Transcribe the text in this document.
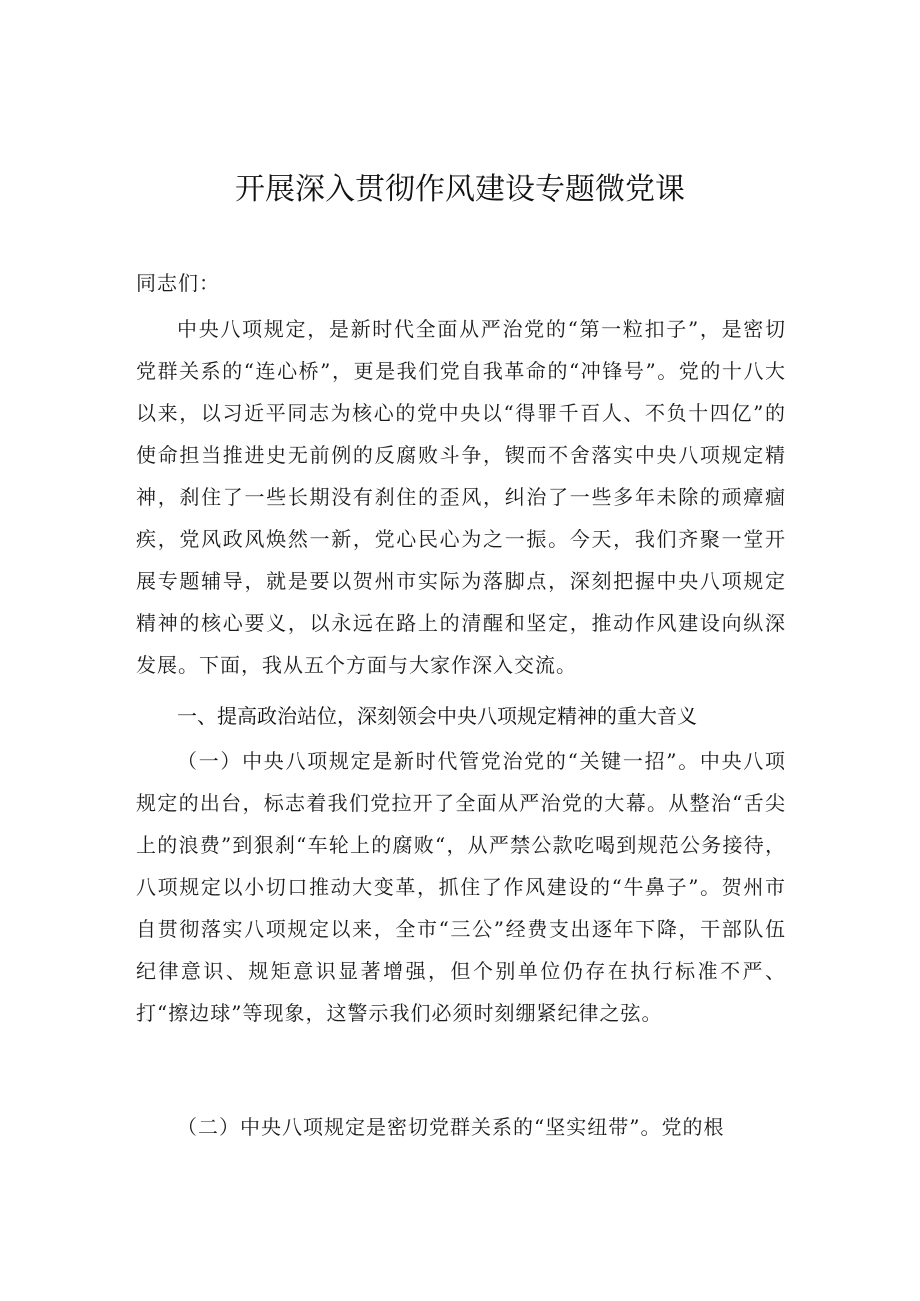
开展深入贯彻作风建设专题微党课
同志们：
中央八项规定，是新时代全面从严治党的“第一粒扣子”，是密切党群关系的“连心桥”，更是我们党自我革命的“冲锋号”。党的十八大以来，以习近平同志为核心的党中央以“得罪千百人、不负十四亿”的使命担当推进史无前例的反腐败斗争，锲而不舍落实中央八项规定精神，刹住了一些长期没有刹住的歪风，纠治了一些多年未除的顽瘴痼疾，党风政风焕然一新，党心民心为之一振。今天，我们齐聚一堂开展专题辅导，就是要以贺州市实际为落脚点，深刻把握中央八项规定精神的核心要义，以永远在路上的清醒和坚定，推动作风建设向纵深发展。下面，我从五个方面与大家作深入交流。
一、提高政治站位，深刻领会中央八项规定精神的重大音义
（一）中央八项规定是新时代管党治党的“关键一招”。中央八项规定的出台，标志着我们党拉开了全面从严治党的大幕。从整治“舌尖上的浪费”到狠刹“车轮上的腐败“，从严禁公款吃喝到规范公务接待，八项规定以小切口推动大变革，抓住了作风建设的“牛鼻子”。贺州市自贯彻落实八项规定以来，全市“三公”经费支出逐年下降，干部队伍纪律意识、规矩意识显著增强，但个别单位仍存在执行标准不严、打“擦边球”等现象，这警示我们必须时刻绷紧纪律之弦。
（二）中央八项规定是密切党群关系的“坚实纽带”。党的根
